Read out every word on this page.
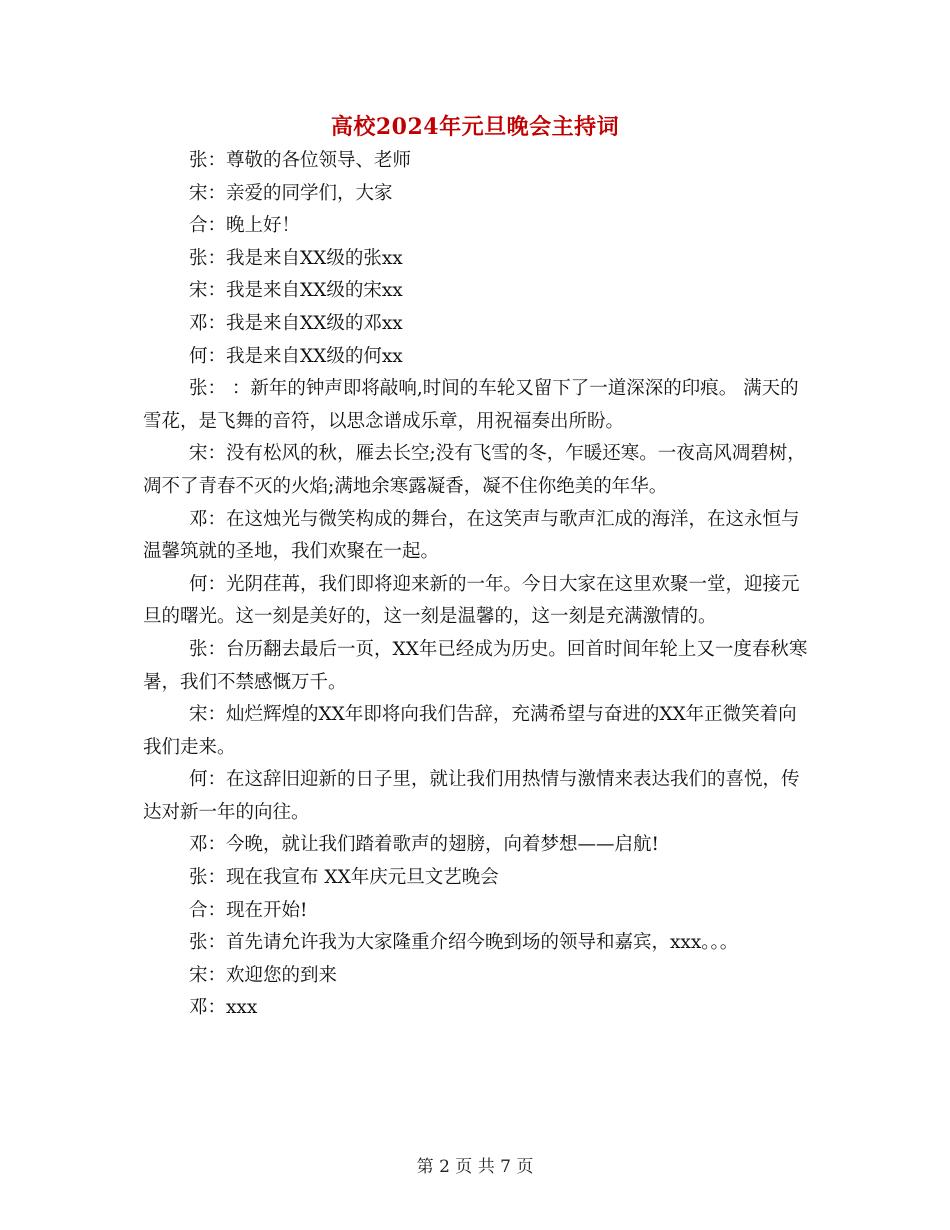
高校2024年元旦晚会主持词

张：尊敬的各位领导、老师

宋：亲爱的同学们，大家

合：晚上好！

张：我是来自XX级的张xx

宋：我是来自XX级的宋xx

邓：我是来自XX级的邓xx

何：我是来自XX级的何xx

张： ：新年的钟声即将敲响,时间的车轮又留下了一道深深的印痕。 满天的雪花，是飞舞的音符，以思念谱成乐章，用祝福奏出所盼。

宋：没有松风的秋，雁去长空;没有飞雪的冬，乍暖还寒。一夜高风凋碧树，凋不了青春不灭的火焰;满地余寒露凝香，凝不住你绝美的年华。

邓：在这烛光与微笑构成的舞台，在这笑声与歌声汇成的海洋，在这永恒与温馨筑就的圣地，我们欢聚在一起。

何：光阴荏苒，我们即将迎来新的一年。今日大家在这里欢聚一堂，迎接元旦的曙光。这一刻是美好的，这一刻是温馨的，这一刻是充满激情的。

张：台历翻去最后一页，XX年已经成为历史。回首时间年轮上又一度春秋寒暑，我们不禁感慨万千。

宋：灿烂辉煌的XX年即将向我们告辞，充满希望与奋进的XX年正微笑着向我们走来。

何：在这辞旧迎新的日子里，就让我们用热情与激情来表达我们的喜悦，传达对新一年的向往。

邓：今晚，就让我们踏着歌声的翅膀，向着梦想——启航!

张：现在我宣布 XX年庆元旦文艺晚会

合：现在开始!

张：首先请允许我为大家隆重介绍今晚到场的领导和嘉宾，xxx。。。

宋：欢迎您的到来

邓：xxx

第 2 页 共 7 页
